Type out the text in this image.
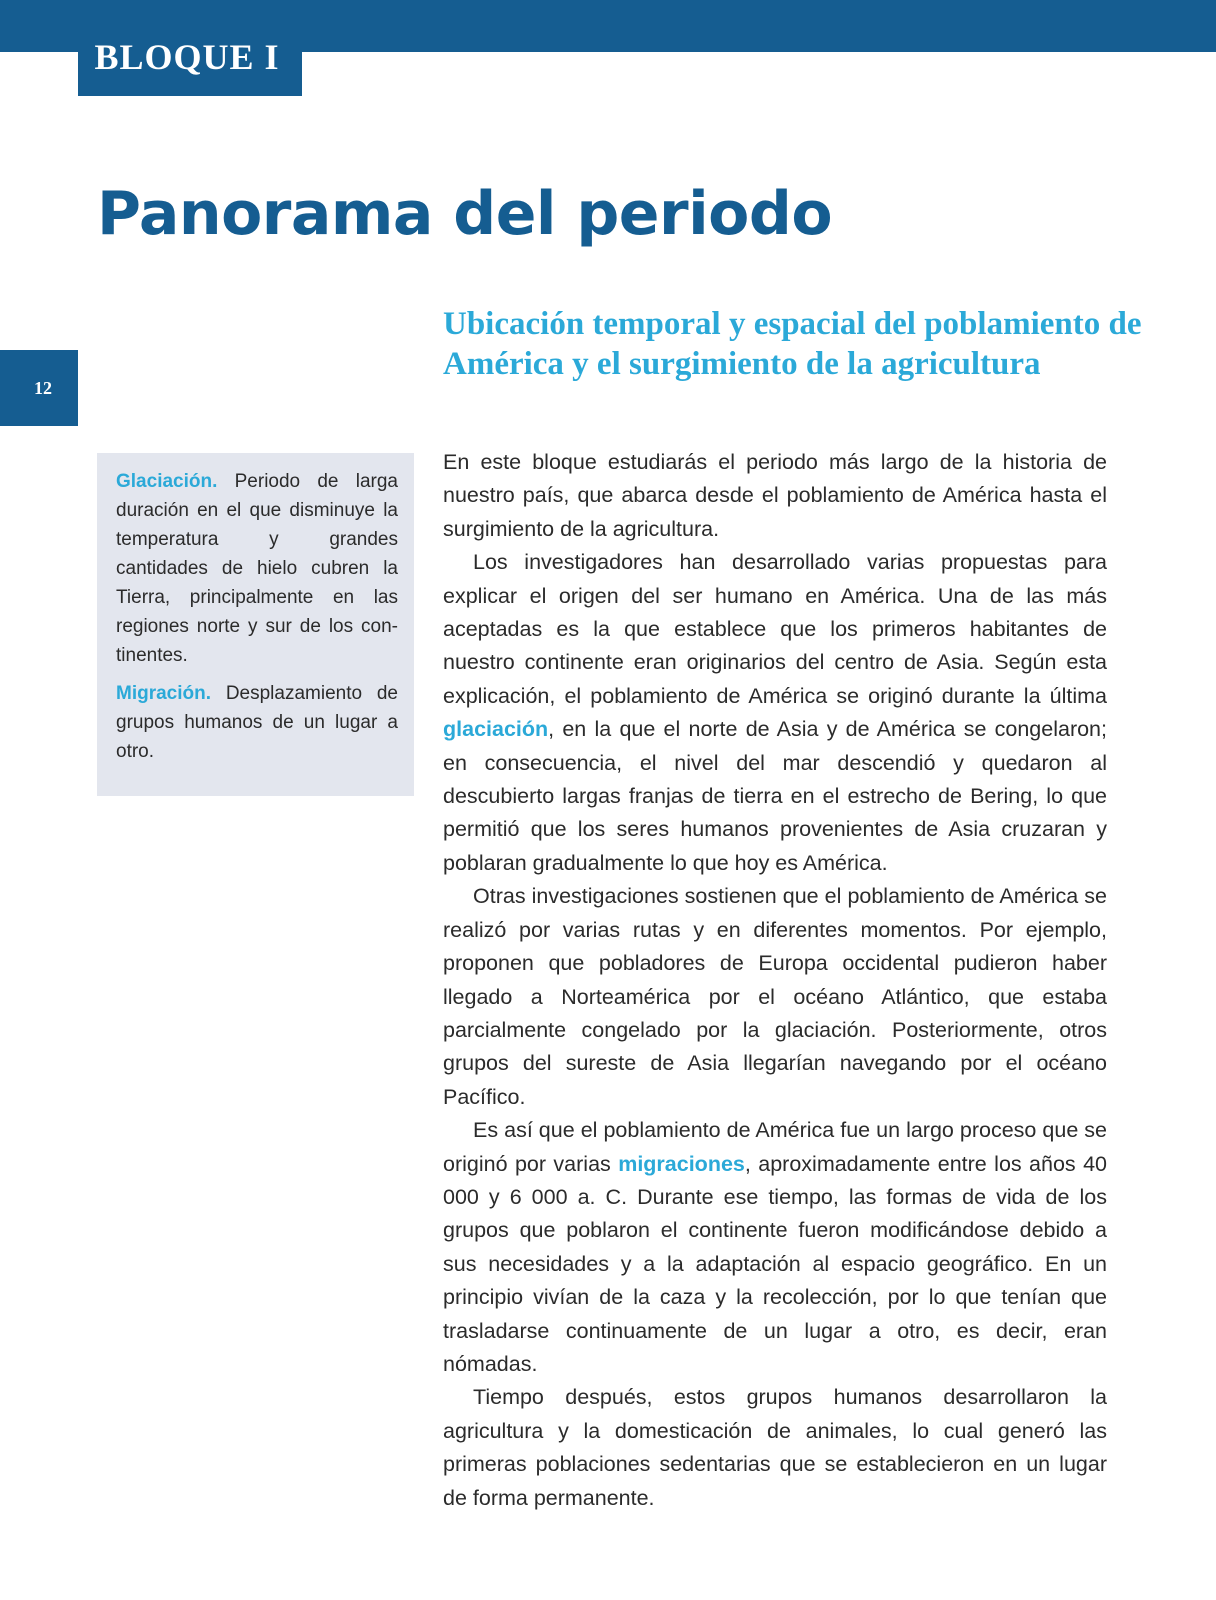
BLOQUE I
Panorama del periodo
12
Ubicación temporal y espacial del poblamiento de América y el surgimiento de la agricultura

Glaciación. Periodo de larga duración en el que disminuye la temperatura y grandes cantidades de hielo cubren la Tierra, principalmente en las regiones norte y sur de los continentes.

Migración. Desplazamiento de grupos humanos de un lugar a otro.

En este bloque estudiarás el periodo más largo de la historia de nuestro país, que abarca desde el poblamiento de América hasta el surgimiento de la agricultura.

Los investigadores han desarrollado varias propuestas para explicar el origen del ser humano en América. Una de las más aceptadas es la que establece que los primeros habitantes de nuestro continente eran originarios del centro de Asia. Según esta explicación, el poblamiento de América se originó durante la última glaciación, en la que el norte de Asia y de América se congelaron; en consecuencia, el nivel del mar descendió y quedaron al descubierto largas franjas de tierra en el estrecho de Bering, lo que permitió que los seres humanos provenientes de Asia cruzaran y poblaran gradualmente lo que hoy es América.

Otras investigaciones sostienen que el poblamiento de América se realizó por varias rutas y en diferentes momentos. Por ejemplo, proponen que pobladores de Europa occidental pudieron haber llegado a Norteamérica por el océano Atlántico, que estaba parcialmente congelado por la glaciación. Posteriormente, otros grupos del sureste de Asia llegarían navegando por el océano Pacífico.

Es así que el poblamiento de América fue un largo proceso que se originó por varias migraciones, aproximadamente entre los años 40 000 y 6 000 a. C. Durante ese tiempo, las formas de vida de los grupos que poblaron el continente fueron modificándose debido a sus necesidades y a la adaptación al espacio geográfico. En un principio vivían de la caza y la recolección, por lo que tenían que trasladarse continuamente de un lugar a otro, es decir, eran nómadas.

Tiempo después, estos grupos humanos desarrollaron la agricultura y la domesticación de animales, lo cual generó las primeras poblaciones sedentarias que se establecieron en un lugar de forma permanente.
